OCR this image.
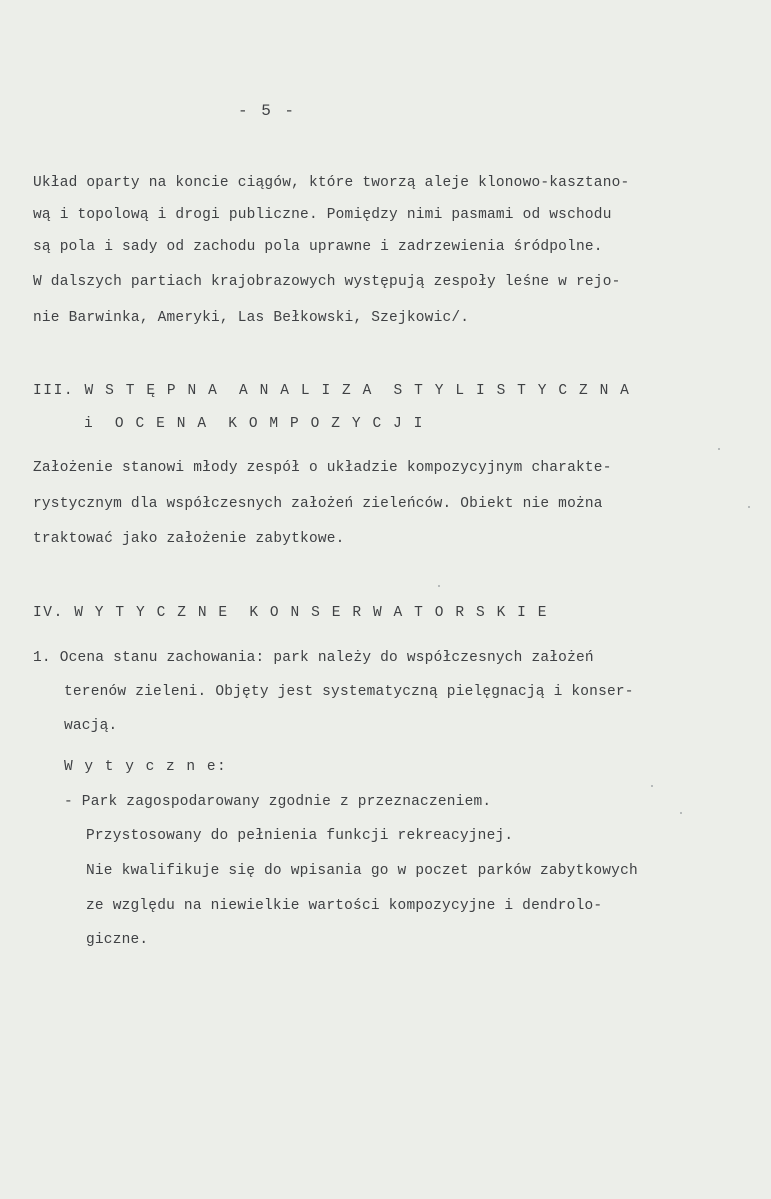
- 5 -
Układ oparty na koncie ciągów, które tworzą aleje klonowo-kasztano-
wą i topolową i drogi publiczne. Pomiędzy nimi pasmami od wschodu
są pola i sady od zachodu pola uprawne i zadrzewienia śródpolne.
W dalszych partiach krajobrazowych występują zespoły leśne w rejo-
nie Barwinka, Ameryki, Las Bełkowski, Szejkowic/.
III. W S T Ę P N A  A N A L I Z A  S T Y L I S T Y C Z N A
i  O C E N A  K O M P O Z Y C J I
Założenie stanowi młody zespół o układzie kompozycyjnym charakte-
rystycznym dla współczesnych założeń zieleńców. Obiekt nie można
traktować jako założenie zabytkowe.
IV. W Y T Y C Z N E  K O N S E R W A T O R S K I E
1. Ocena stanu zachowania: park należy do współczesnych założeń
terenów zieleni. Objęty jest systematyczną pielęgnacją i konser-
wacją.
W y t y c z n e:
- Park zagospodarowany zgodnie z przeznaczeniem.
Przystosowany do pełnienia funkcji rekreacyjnej.
Nie kwalifikuje się do wpisania go w poczet parków zabytkowych
ze względu na niewielkie wartości kompozycyjne i dendrolo-
giczne.
